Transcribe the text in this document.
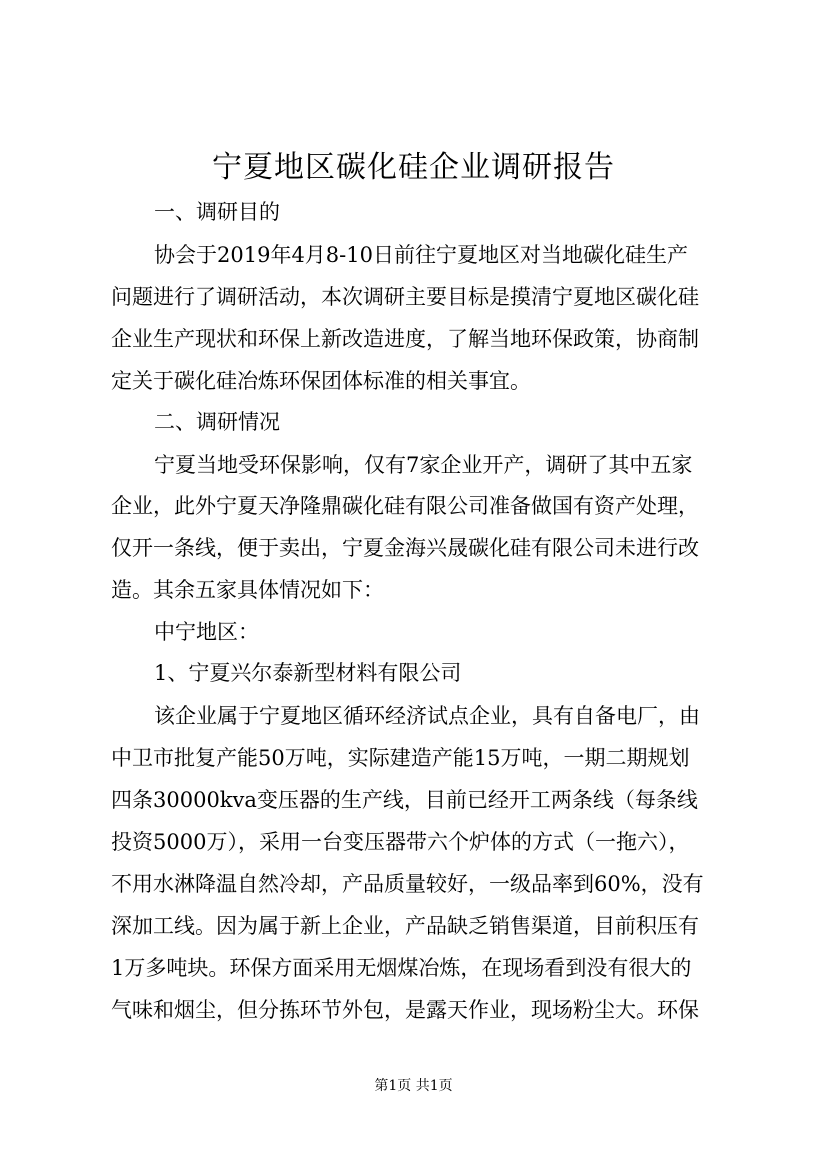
宁夏地区碳化硅企业调研报告
一、调研目的
协会于2019年4月8-10日前往宁夏地区对当地碳化硅生产
问题进行了调研活动，本次调研主要目标是摸清宁夏地区碳化硅
企业生产现状和环保上新改造进度，了解当地环保政策，协商制
定关于碳化硅冶炼环保团体标准的相关事宜。
二、调研情况
宁夏当地受环保影响，仅有7家企业开产，调研了其中五家
企业，此外宁夏天净隆鼎碳化硅有限公司准备做国有资产处理，
仅开一条线，便于卖出，宁夏金海兴晟碳化硅有限公司未进行改
造。其余五家具体情况如下：
中宁地区：
1、宁夏兴尔泰新型材料有限公司
该企业属于宁夏地区循环经济试点企业，具有自备电厂，由
中卫市批复产能50万吨，实际建造产能15万吨，一期二期规划
四条30000kva变压器的生产线，目前已经开工两条线（每条线
投资5000万），采用一台变压器带六个炉体的方式（一拖六），
不用水淋降温自然冷却，产品质量较好，一级品率到60%，没有
深加工线。因为属于新上企业，产品缺乏销售渠道，目前积压有
1万多吨块。环保方面采用无烟煤冶炼，在现场看到没有很大的
气味和烟尘，但分拣环节外包，是露天作业，现场粉尘大。环保
第1页 共1页
